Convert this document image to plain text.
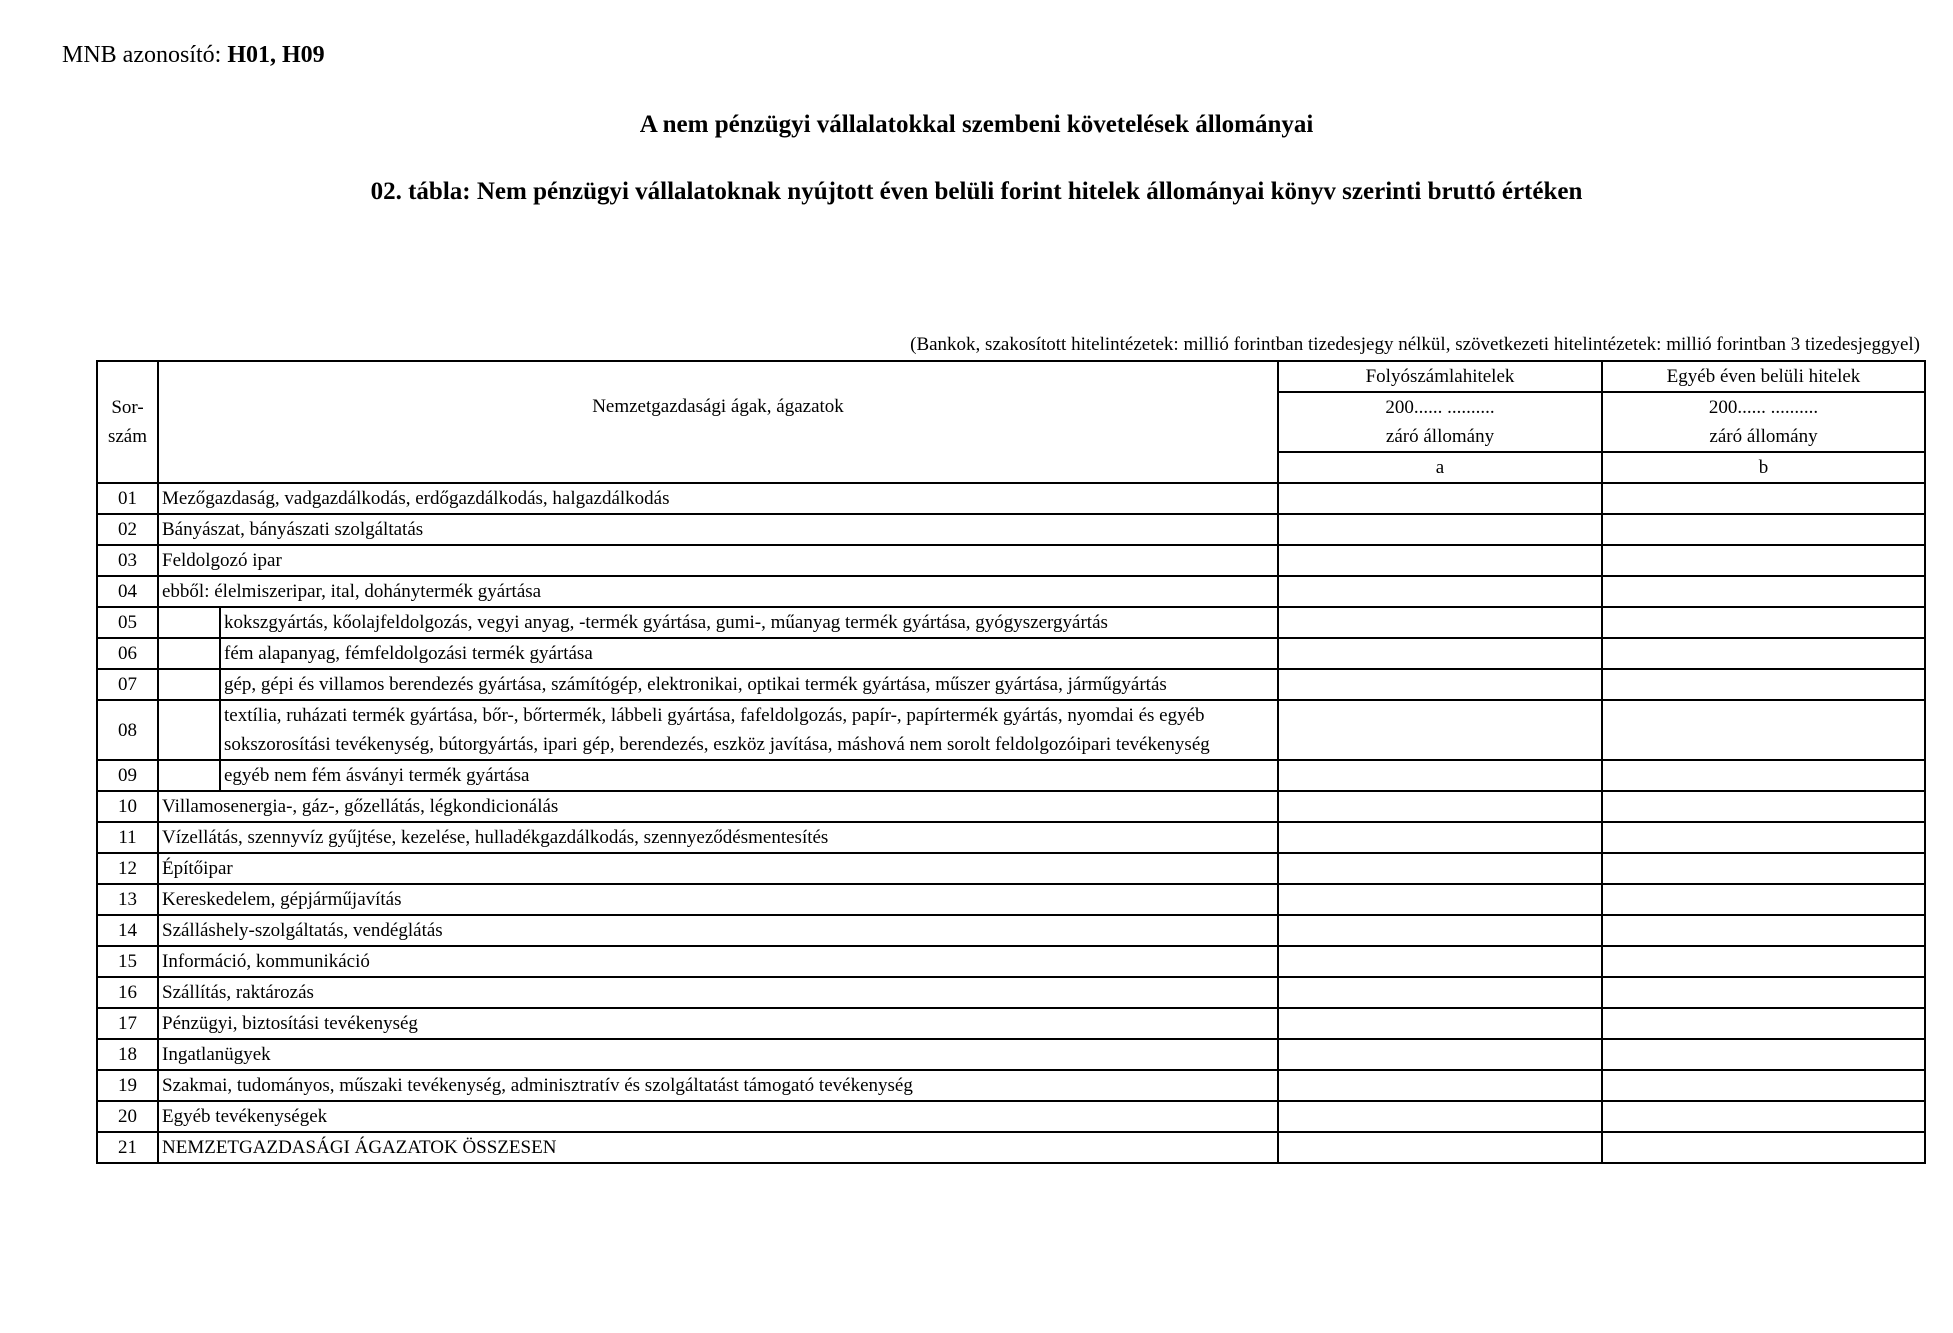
MNB azonosító: H01, H09
A nem pénzügyi vállalatokkal szembeni követelések állományai
02. tábla: Nem pénzügyi vállalatoknak nyújtott éven belüli forint hitelek állományai könyv szerinti bruttó értéken
(Bankok, szakosított hitelintézetek: millió forintban tizedesjegy nélkül, szövetkezeti hitelintézetek: millió forintban 3 tizedesjeggyel)
Sor-
szám	Nemzetgazdasági ágak, ágazatok		Folyószámlahitelek	Egyéb éven belüli hitelek
			200...... ..........	200...... ..........
			záró állomány	záró állomány
			a	b
01	Mezőgazdaság, vadgazdálkodás, erdőgazdálkodás, halgazdálkodás			
02	Bányászat, bányászati szolgáltatás			
03	Feldolgozó ipar			
04	ebből: élelmiszeripar, ital, dohánytermék gyártása			
05		kokszgyártás, kőolajfeldolgozás, vegyi anyag, -termék gyártása, gumi-, műanyag termék gyártása, gyógyszergyártás		
06		fém alapanyag, fémfeldolgozási termék gyártása		
07		gép, gépi és villamos berendezés gyártása, számítógép, elektronikai, optikai termék gyártása, műszer gyártása, járműgyártás		
08		textília, ruházati termék gyártása, bőr-, bőrtermék, lábbeli gyártása, fafeldolgozás, papír-, papírtermék gyártás, nyomdai és egyéb sokszorosítási tevékenység, bútorgyártás, ipari gép, berendezés, eszköz javítása, máshová nem sorolt feldolgozóipari tevékenység		
09		egyéb nem fém ásványi termék gyártása		
10	Villamosenergia-, gáz-, gőzellátás, légkondicionálás			
11	Vízellátás, szennyvíz gyűjtése, kezelése, hulladékgazdálkodás, szennyeződésmentesítés			
12	Építőipar			
13	Kereskedelem, gépjárműjavítás			
14	Szálláshely-szolgáltatás, vendéglátás			
15	Információ, kommunikáció			
16	Szállítás, raktározás			
17	Pénzügyi, biztosítási tevékenység			
18	Ingatlanügyek			
19	Szakmai, tudományos, műszaki tevékenység, adminisztratív és szolgáltatást támogató tevékenység			
20	Egyéb tevékenységek			
21	NEMZETGAZDASÁGI ÁGAZATOK ÖSSZESEN			
